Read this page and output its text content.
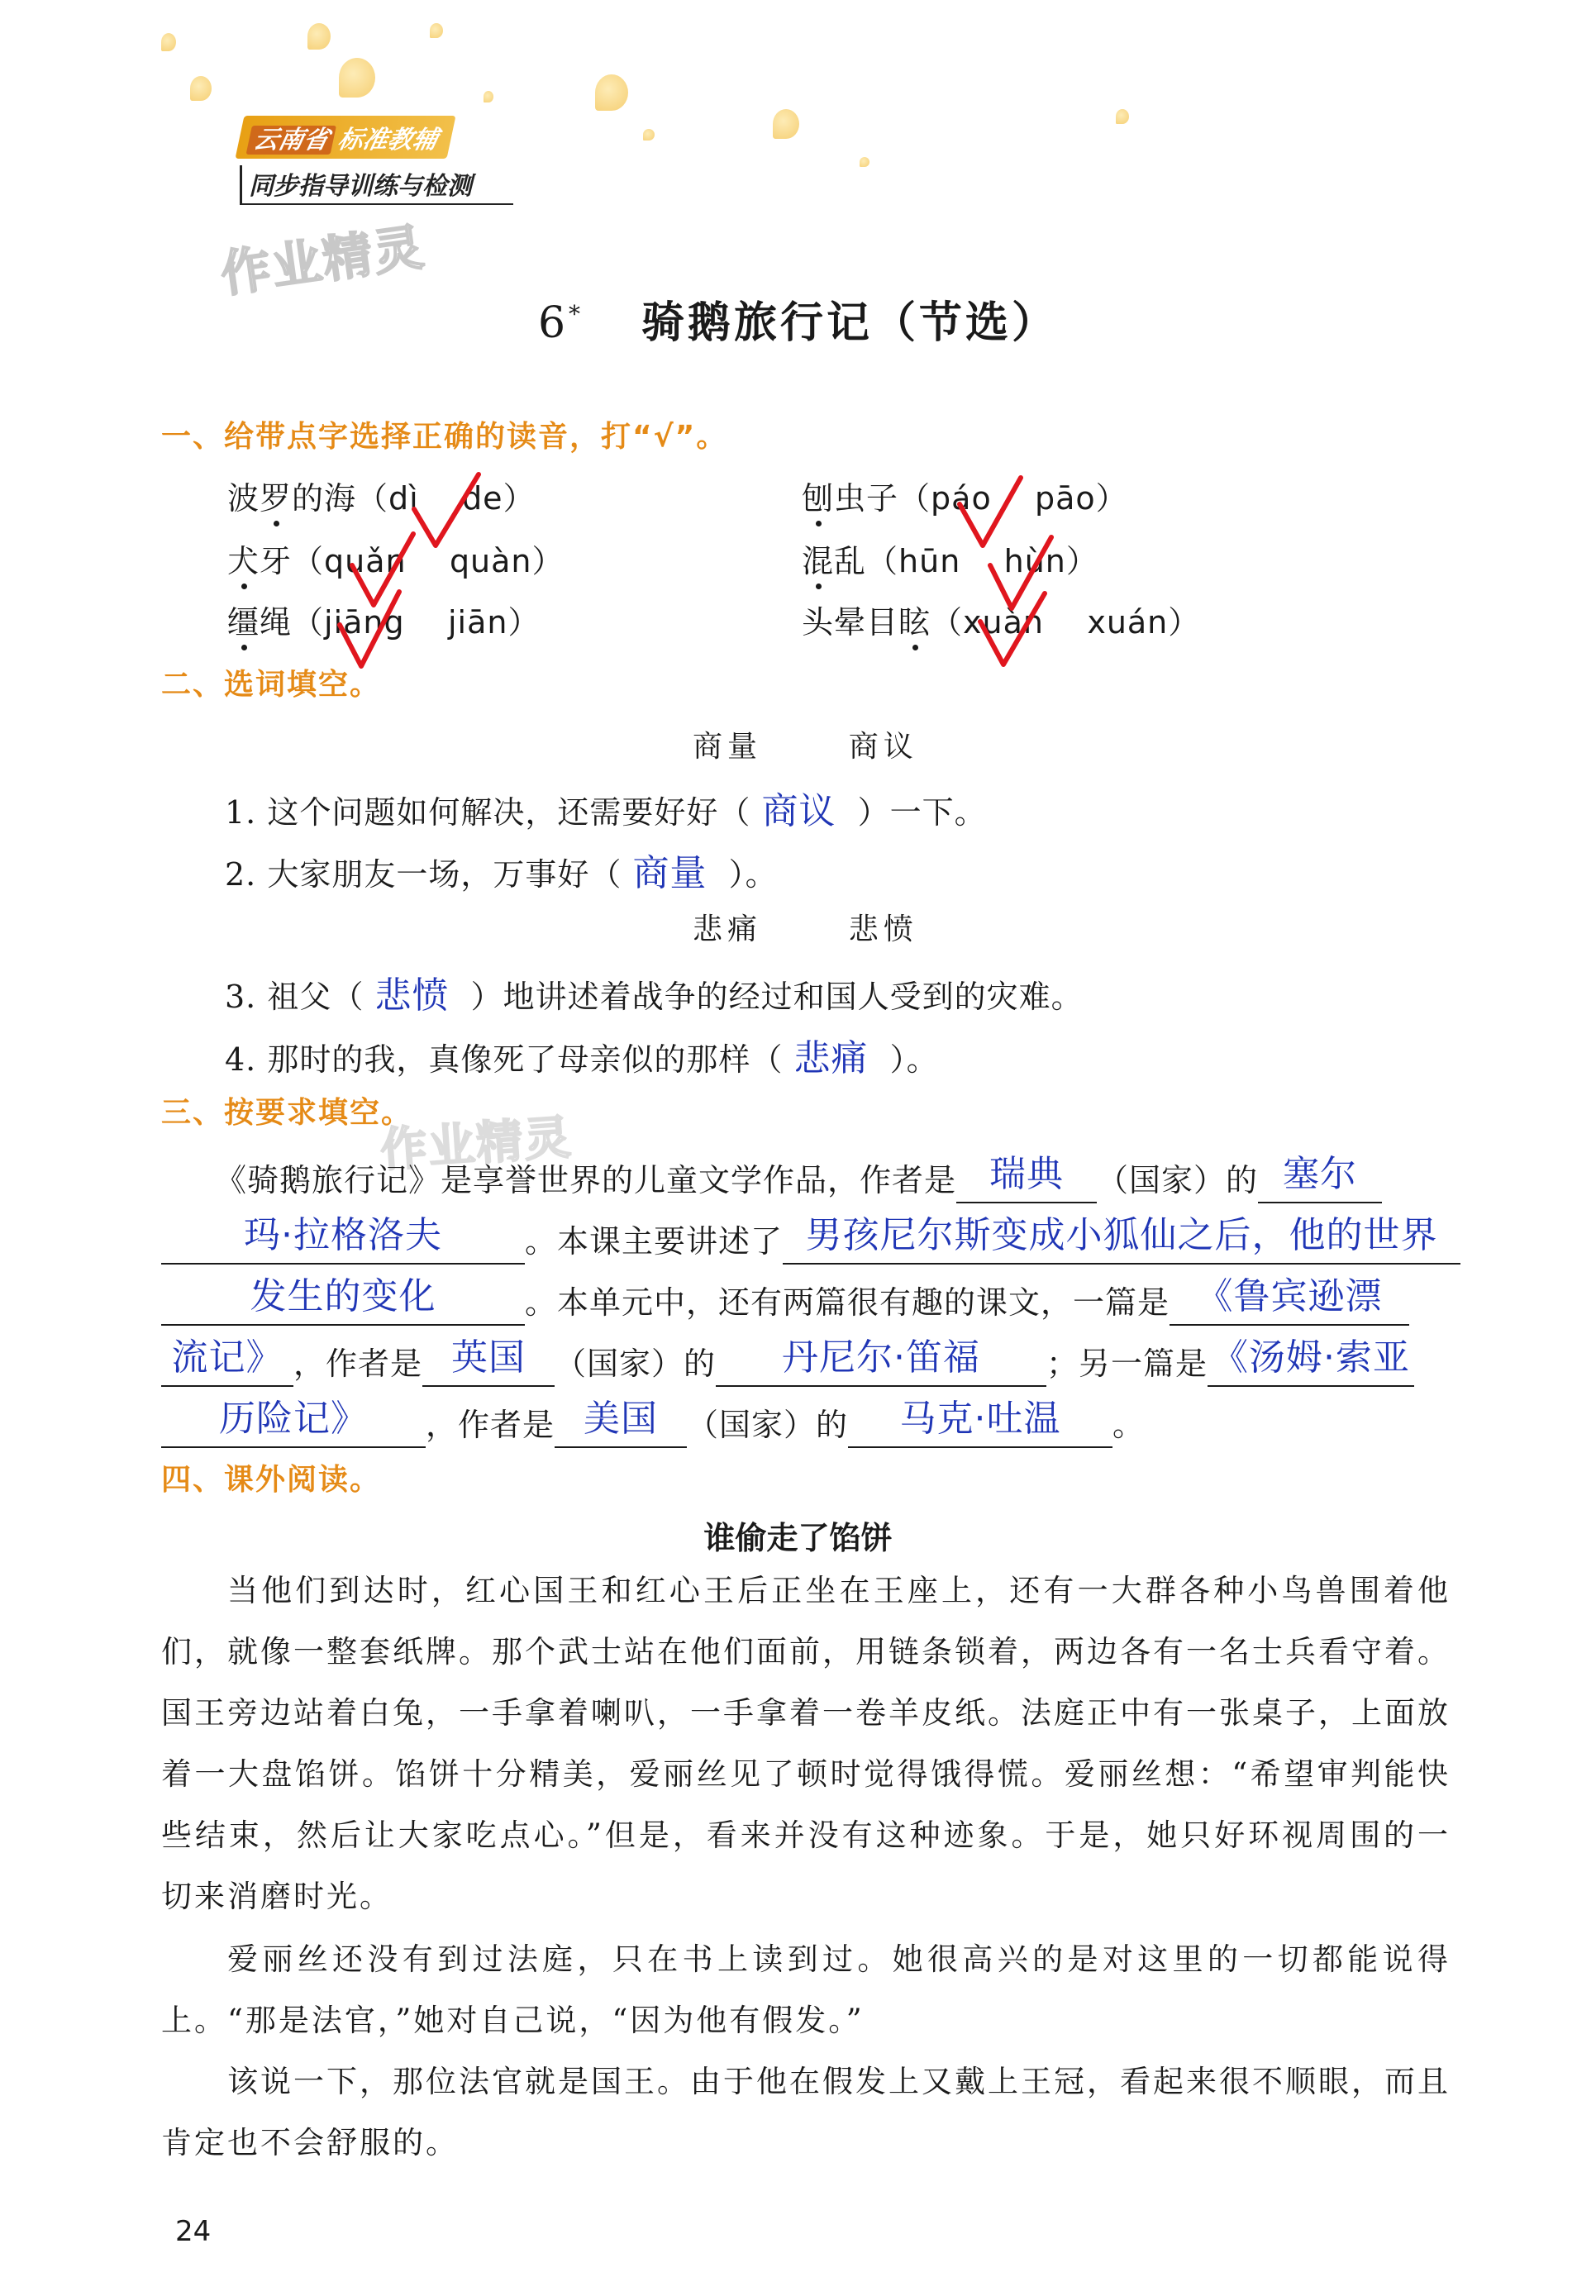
云南省 标准教辅
同步指导训练与检测
作业精灵
6* 骑鹅旅行记（节选）
一、给带点字选择正确的读音，打“√”。
波罗的海（dì de）	刨虫子（páo pāo）
犬牙（quǎn quàn）	混乱（hūn hùn）
缰绳（jiāng jiān）	头晕目眩（xuàn xuán）
二、选词填空。
商量	商议
1. 这个问题如何解决，还需要好好（ 商议 ）一下。
2. 大家朋友一场，万事好（ 商量 ）。
悲痛	悲愤
3. 祖父（ 悲愤 ）地讲述着战争的经过和国人受到的灾难。
4. 那时的我，真像死了母亲似的那样（ 悲痛 ）。
三、按要求填空。
作业精灵
《骑鹅旅行记》是享誉世界的儿童文学作品，作者是 瑞典 （国家）的 塞尔
玛·拉格洛夫	。本课主要讲述了 男孩尼尔斯变成小狐仙之后，他的世界
发生的变化	。本单元中，还有两篇很有趣的课文，一篇是 《鲁宾逊漂
流记》 ，作者是 英国 （国家）的 丹尼尔·笛福 ；另一篇是 《汤姆·索亚
历险记》 ，作者是 美国 （国家）的 马克·吐温 。
四、课外阅读。
谁偷走了馅饼
当他们到达时，红心国王和红心王后正坐在王座上，还有一大群各种小鸟兽围着他们，就像一整套纸牌。那个武士站在他们面前，用链条锁着，两边各有一名士兵看守着。国王旁边站着白兔，一手拿着喇叭，一手拿着一卷羊皮纸。法庭正中有一张桌子，上面放着一大盘馅饼。馅饼十分精美，爱丽丝见了顿时觉得饿得慌。爱丽丝想：“希望审判能快些结束，然后让大家吃点心。”但是，看来并没有这种迹象。于是，她只好环视周围的一切来消磨时光。
爱丽丝还没有到过法庭，只在书上读到过。她很高兴的是对这里的一切都能说得上。“那是法官，”她对自己说，“因为他有假发。”
该说一下，那位法官就是国王。由于他在假发上又戴上王冠，看起来很不顺眼，而且肯定也不会舒服的。
24
